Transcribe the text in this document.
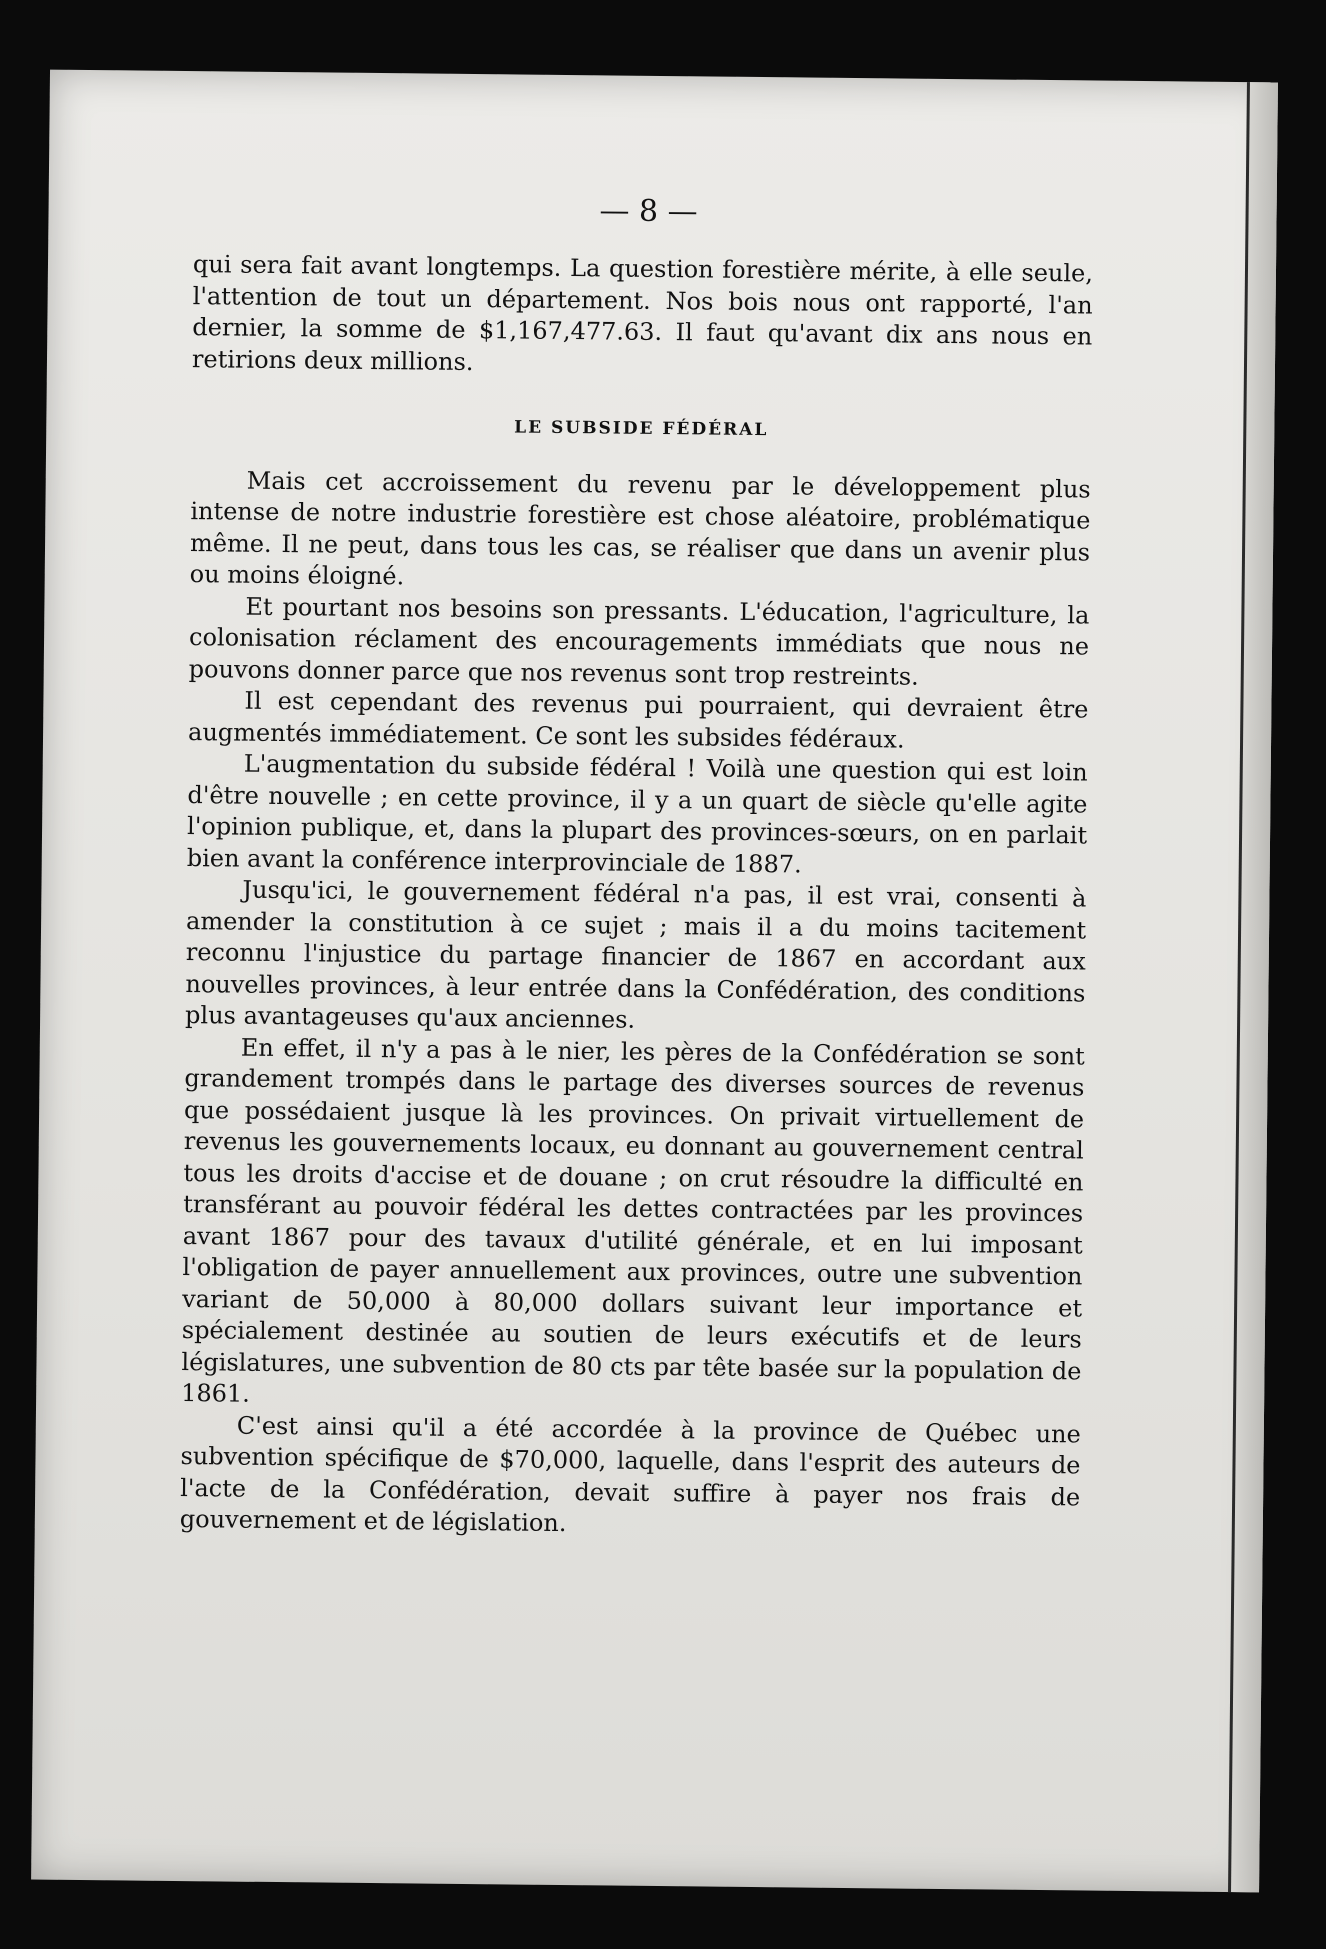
— 8 —

qui sera fait avant longtemps. La question forestière mérite, à elle seule, l'attention de tout un département. Nos bois nous ont rapporté, l'an dernier, la somme de $1,167,477.63. Il faut qu'avant dix ans nous en retirions deux millions.

LE SUBSIDE FÉDÉRAL

Mais cet accroissement du revenu par le développement plus intense de notre industrie forestière est chose aléatoire, problématique même. Il ne peut, dans tous les cas, se réaliser que dans un avenir plus ou moins éloigné.

Et pourtant nos besoins son pressants. L'éducation, l'agriculture, la colonisation réclament des encouragements immédiats que nous ne pouvons donner parce que nos revenus sont trop restreints.

Il est cependant des revenus pui pourraient, qui devraient être augmentés immédiatement. Ce sont les subsides fédéraux.

L'augmentation du subside fédéral ! Voilà une question qui est loin d'être nouvelle ; en cette province, il y a un quart de siècle qu'elle agite l'opinion publique, et, dans la plupart des provinces-sœurs, on en parlait bien avant la conférence interprovinciale de 1887.

Jusqu'ici, le gouvernement fédéral n'a pas, il est vrai, consenti à amender la constitution à ce sujet ; mais il a du moins tacitement reconnu l'injustice du partage financier de 1867 en accordant aux nouvelles provinces, à leur entrée dans la Confédération, des conditions plus avantageuses qu'aux anciennes.

En effet, il n'y a pas à le nier, les pères de la Confédération se sont grandement trompés dans le partage des diverses sources de revenus que possédaient jusque là les provinces. On privait virtuellement de revenus les gouvernements locaux, eu donnant au gouvernement central tous les droits d'accise et de douane ; on crut résoudre la difficulté en transférant au pouvoir fédéral les dettes contractées par les provinces avant 1867 pour des tavaux d'utilité générale, et en lui imposant l'obligation de payer annuellement aux provinces, outre une subvention variant de 50,000 à 80,000 dollars suivant leur importance et spécialement destinée au soutien de leurs exécutifs et de leurs législatures, une subvention de 80 cts par tête basée sur la population de 1861.

C'est ainsi qu'il a été accordée à la province de Québec une subvention spécifique de $70,000, laquelle, dans l'esprit des auteurs de l'acte de la Confédération, devait suffire à payer nos frais de gouvernement et de législation.
